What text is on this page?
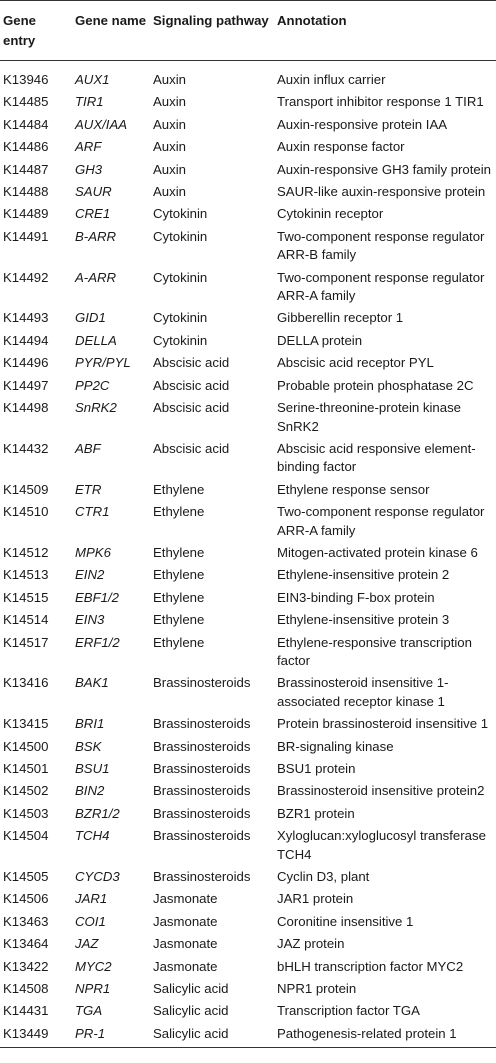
Gene entry	Gene name	Signaling pathway	Annotation
K13946	AUX1	Auxin	Auxin influx carrier
K14485	TIR1	Auxin	Transport inhibitor response 1 TIR1
K14484	AUX/IAA	Auxin	Auxin-responsive protein IAA
K14486	ARF	Auxin	Auxin response factor
K14487	GH3	Auxin	Auxin-responsive GH3 family protein
K14488	SAUR	Auxin	SAUR-like auxin-responsive protein
K14489	CRE1	Cytokinin	Cytokinin receptor
K14491	B-ARR	Cytokinin	Two-component response regulator ARR-B family
K14492	A-ARR	Cytokinin	Two-component response regulator ARR-A family
K14493	GID1	Cytokinin	Gibberellin receptor 1
K14494	DELLA	Cytokinin	DELLA protein
K14496	PYR/PYL	Abscisic acid	Abscisic acid receptor PYL
K14497	PP2C	Abscisic acid	Probable protein phosphatase 2C
K14498	SnRK2	Abscisic acid	Serine-threonine-protein kinase SnRK2
K14432	ABF	Abscisic acid	Abscisic acid responsive element-binding factor
K14509	ETR	Ethylene	Ethylene response sensor
K14510	CTR1	Ethylene	Two-component response regulator ARR-A family
K14512	MPK6	Ethylene	Mitogen-activated protein kinase 6
K14513	EIN2	Ethylene	Ethylene-insensitive protein 2
K14515	EBF1/2	Ethylene	EIN3-binding F-box protein
K14514	EIN3	Ethylene	Ethylene-insensitive protein 3
K14517	ERF1/2	Ethylene	Ethylene-responsive transcription factor
K13416	BAK1	Brassinosteroids	Brassinosteroid insensitive 1-associated receptor kinase 1
K13415	BRI1	Brassinosteroids	Protein brassinosteroid insensitive 1
K14500	BSK	Brassinosteroids	BR-signaling kinase
K14501	BSU1	Brassinosteroids	BSU1 protein
K14502	BIN2	Brassinosteroids	Brassinosteroid insensitive protein2
K14503	BZR1/2	Brassinosteroids	BZR1 protein
K14504	TCH4	Brassinosteroids	Xyloglucan:xyloglucosyl transferase TCH4
K14505	CYCD3	Brassinosteroids	Cyclin D3, plant
K14506	JAR1	Jasmonate	JAR1 protein
K13463	COI1	Jasmonate	Coronitine insensitive 1
K13464	JAZ	Jasmonate	JAZ protein
K13422	MYC2	Jasmonate	bHLH transcription factor MYC2
K14508	NPR1	Salicylic acid	NPR1 protein
K14431	TGA	Salicylic acid	Transcription factor TGA
K13449	PR-1	Salicylic acid	Pathogenesis-related protein 1
